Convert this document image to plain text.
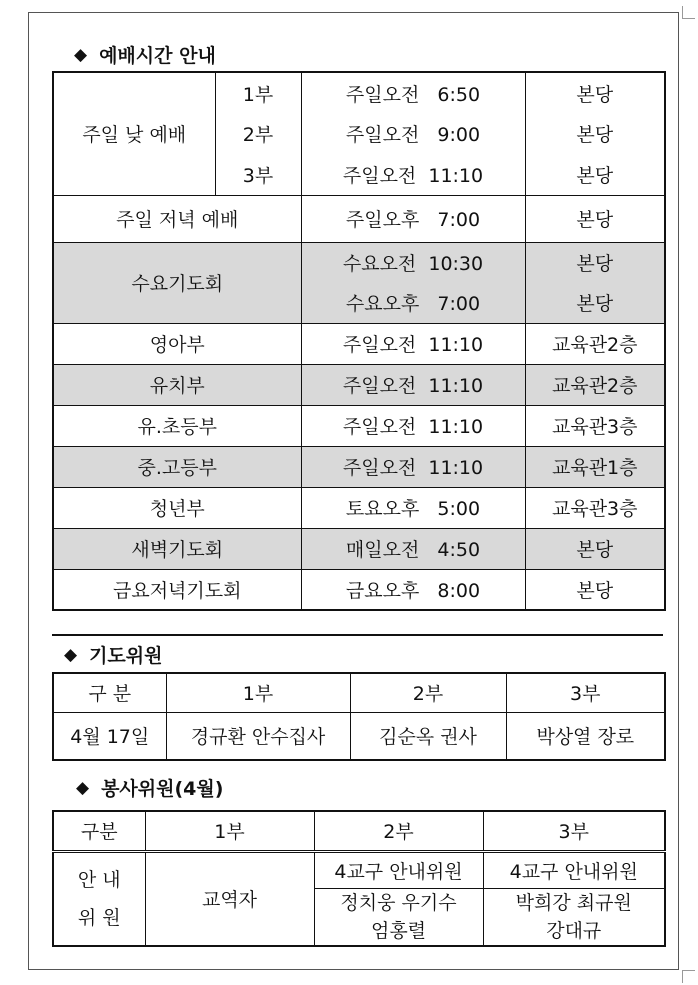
◆ 예배시간 안내
주일 낮 예배	1부	주일오전   6:50	본당
	2부	주일오전   9:00	본당
	3부	주일오전  11:10	본당
주일 저녁 예배		주일오후   7:00	본당
수요기도회		수요오전  10:30	본당
		수요오후   7:00	본당
영아부		주일오전  11:10	교육관2층
유치부		주일오전  11:10	교육관2층
유.초등부		주일오전  11:10	교육관3층
중.고등부		주일오전  11:10	교육관1층
청년부		토요오후   5:00	교육관3층
새벽기도회		매일오전   4:50	본당
금요저녁기도회		금요오후   8:00	본당
◆ 기도위원
구 분	1부	2부	3부
4월 17일	경규환 안수집사	김순옥 권사	박상열 장로
◆ 봉사위원(4월)
구분	1부	2부	3부

안 내
위 원	교역자	4교구 안내위원	4교구 안내위원
		정치웅 우기수 엄홍렬	박희강 최규원 강대규
